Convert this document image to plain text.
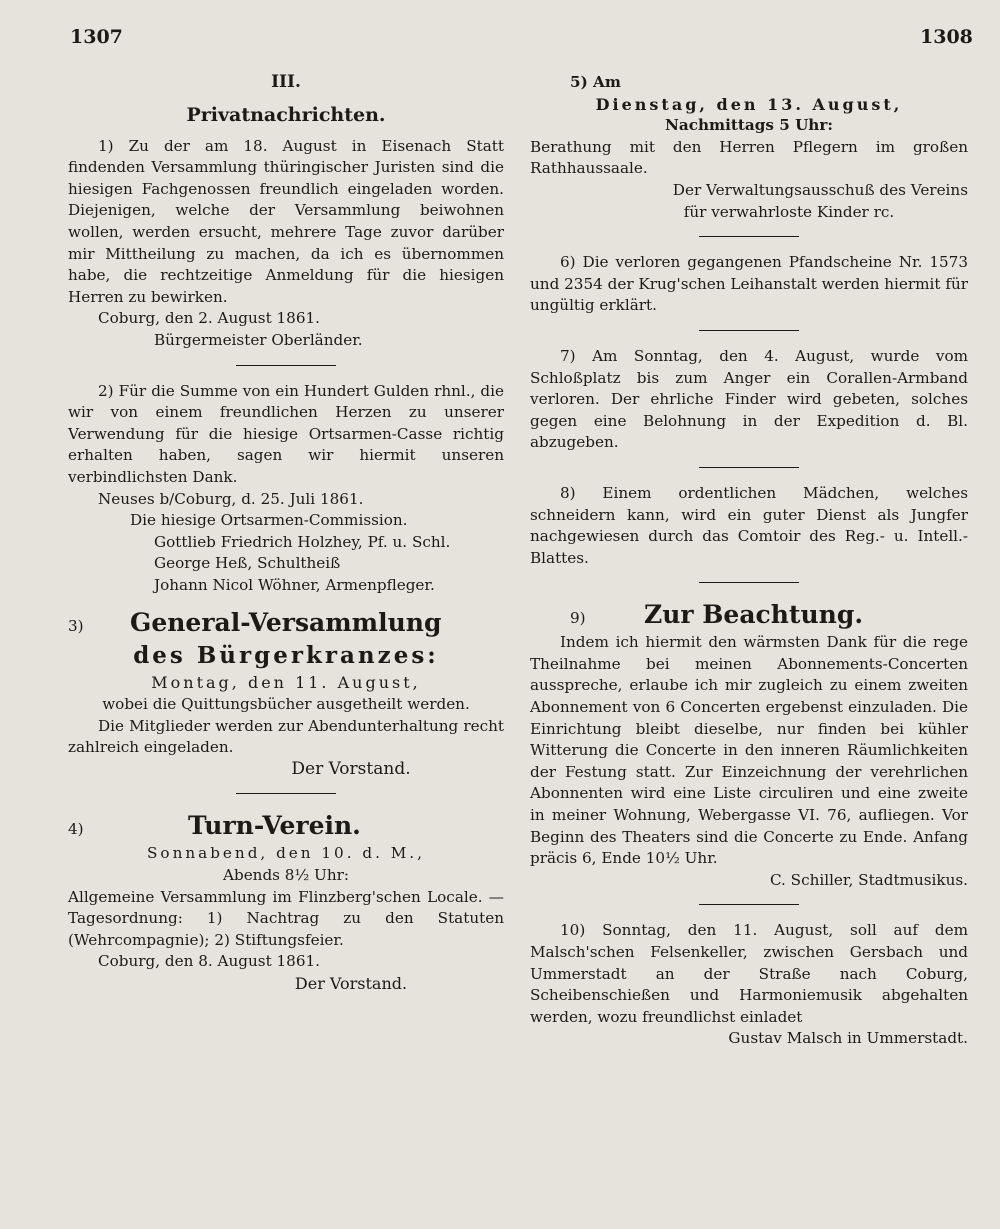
1307	1308

III.

Privatnachrichten.

1) Zu der am 18. August in Eisenach Statt findenden Versammlung thüringischer Juristen sind die hiesigen Fachgenossen freundlich eingeladen worden. Diejenigen, welche der Versammlung beiwohnen wollen, werden ersucht, mehrere Tage zuvor darüber mir Mittheilung zu machen, da ich es übernommen habe, die rechtzeitige Anmeldung für die hiesigen Herren zu bewirken.

Coburg, den 2. August 1861.

Bürgermeister Oberländer.

2) Für die Summe von ein Hundert Gulden rhnl., die wir von einem freundlichen Herzen zu unserer Verwendung für die hiesige Ortsarmen-Casse richtig erhalten haben, sagen wir hiermit unseren verbindlichsten Dank.

Neuses b/Coburg, d. 25. Juli 1861.

Die hiesige Ortsarmen-Commission.

Gottlieb Friedrich Holzhey, Pf. u. Schl.

George Heß, Schultheiß

Johann Nicol Wöhner, Armenpfleger.

3)	General-Versammlung

des Bürgerkranzes:

Montag, den 11. August,

wobei die Quittungsbücher ausgetheilt werden.

Die Mitglieder werden zur Abendunterhaltung recht zahlreich eingeladen.

Der Vorstand.

4)	Turn-Verein.

Sonnabend, den 10. d. M.,

Abends 8½ Uhr:

Allgemeine Versammlung im Flinzberg'schen Locale. — Tagesordnung: 1) Nachtrag zu den Statuten (Wehrcompagnie); 2) Stiftungsfeier.

Coburg, den 8. August 1861.

Der Vorstand.

5) Am

Dienstag, den 13. August,

Nachmittags 5 Uhr:

Berathung mit den Herren Pflegern im großen Rathhaussaale.

Der Verwaltungsausschuß des Vereins

für verwahrloste Kinder rc.

6) Die verloren gegangenen Pfandscheine Nr. 1573 und 2354 der Krug'schen Leihanstalt werden hiermit für ungültig erklärt.

7) Am Sonntag, den 4. August, wurde vom Schloßplatz bis zum Anger ein Corallen-Armband verloren. Der ehrliche Finder wird gebeten, solches gegen eine Belohnung in der Expedition d. Bl. abzugeben.

8) Einem ordentlichen Mädchen, welches schneidern kann, wird ein guter Dienst als Jungfer nachgewiesen durch das Comtoir des Reg.- u. Intell.-Blattes.

9)	Zur Beachtung.

Indem ich hiermit den wärmsten Dank für die rege Theilnahme bei meinen Abonnements-Concerten ausspreche, erlaube ich mir zugleich zu einem zweiten Abonnement von 6 Concerten ergebenst einzuladen. Die Einrichtung bleibt dieselbe, nur finden bei kühler Witterung die Concerte in den inneren Räumlichkeiten der Festung statt. Zur Einzeichnung der verehrlichen Abonnenten wird eine Liste circuliren und eine zweite in meiner Wohnung, Webergasse VI. 76, aufliegen. Vor Beginn des Theaters sind die Concerte zu Ende. Anfang präcis 6, Ende 10½ Uhr.

C. Schiller, Stadtmusikus.

10) Sonntag, den 11. August, soll auf dem Malsch'schen Felsenkeller, zwischen Gersbach und Ummerstadt an der Straße nach Coburg, Scheibenschießen und Harmoniemusik abgehalten werden, wozu freundlichst einladet

Gustav Malsch in Ummerstadt.
